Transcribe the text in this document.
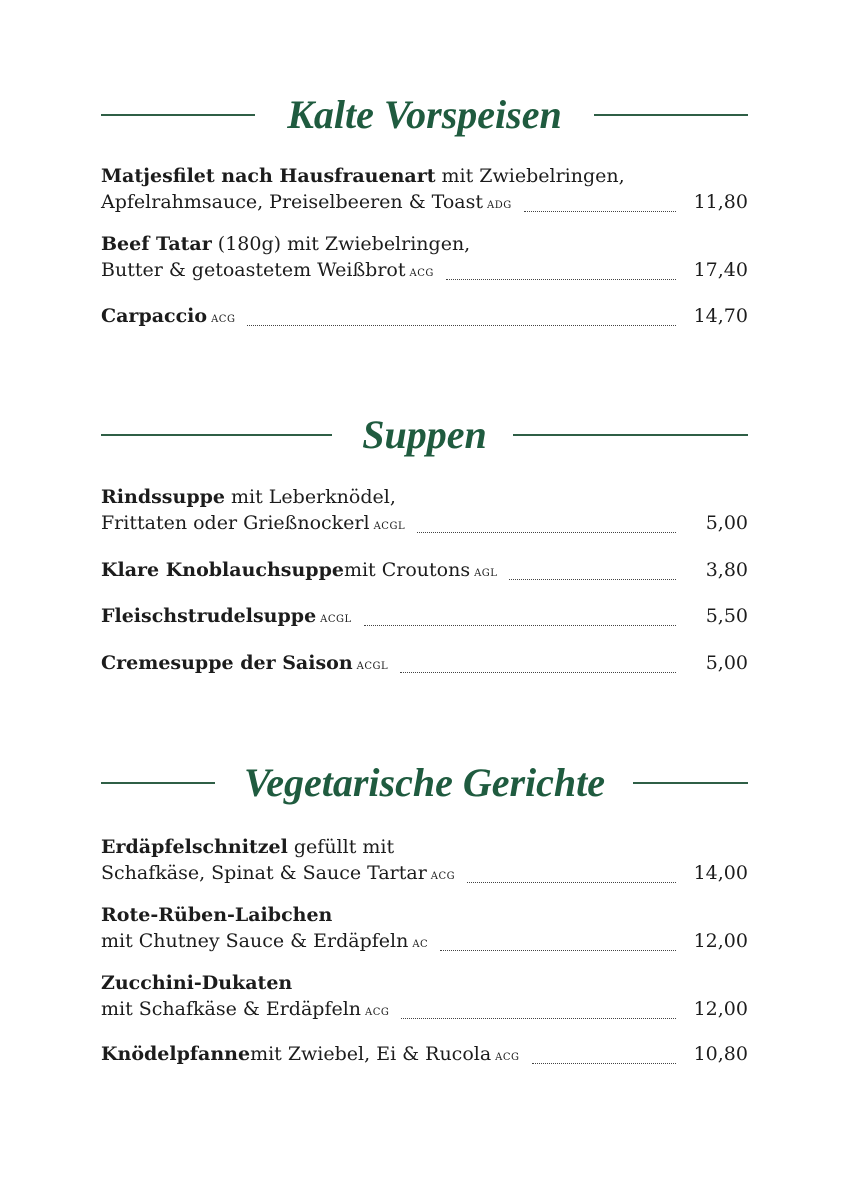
Kalte Vorspeisen
Matjesfilet nach Hausfrauenart mit Zwiebelringen,
Apfelrahmsauce, Preiselbeeren & Toast ADG	11,80
Beef Tatar (180g) mit Zwiebelringen,
Butter & getoastetem Weißbrot ACG	17,40
Carpaccio ACG	14,70
Suppen
Rindssuppe mit Leberknödel,
Frittaten oder Grießnockerl ACGL	5,00
Klare Knoblauchsuppe mit Croutons AGL	3,80
Fleischstrudelsuppe ACGL	5,50
Cremesuppe der Saison ACGL	5,00
Vegetarische Gerichte
Erdäpfelschnitzel gefüllt mit
Schafkäse, Spinat & Sauce Tartar ACG	14,00
Rote-Rüben-Laibchen
mit Chutney Sauce & Erdäpfeln AC	12,00
Zucchini-Dukaten
mit Schafkäse & Erdäpfeln ACG	12,00
Knödelpfanne mit Zwiebel, Ei & Rucola ACG	10,80
